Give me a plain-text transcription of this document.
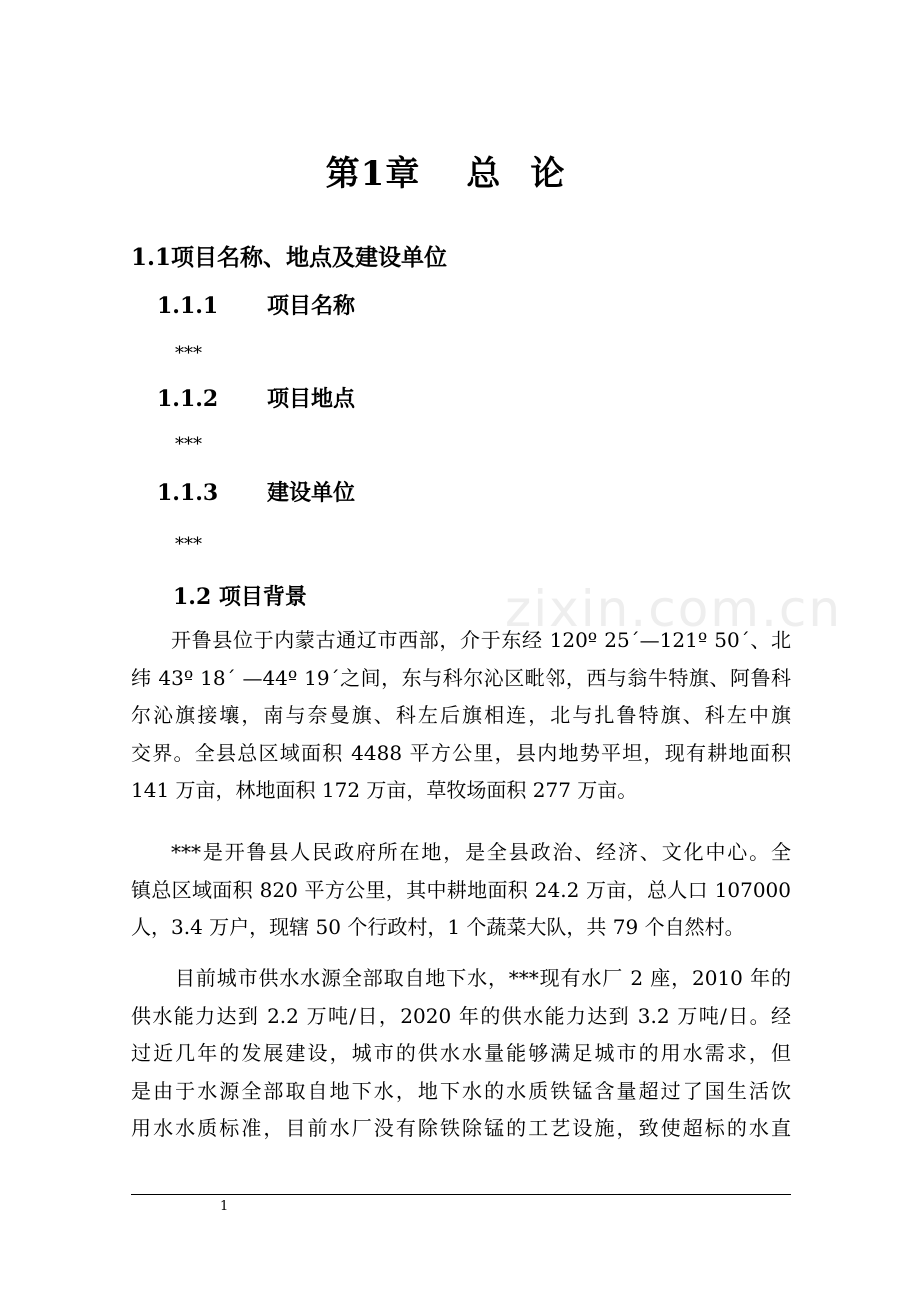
zixin.com.cn
第1章 总论
1.1项目名称、地点及建设单位
1.1.1 项目名称
***
1.1.2 项目地点
***
1.1.3 建设单位
***
1.2 项目背景
开鲁县位于内蒙古通辽市西部，介于东经 120º 25´—121º 50´、北
纬 43º 18´ —44º 19´之间，东与科尔沁区毗邻，西与翁牛特旗、阿鲁科
尔沁旗接壤，南与奈曼旗、科左后旗相连，北与扎鲁特旗、科左中旗
交界。全县总区域面积 4488 平方公里，县内地势平坦，现有耕地面积
141 万亩，林地面积 172 万亩，草牧场面积 277 万亩。
***是开鲁县人民政府所在地，是全县政治、经济、文化中心。全
镇总区域面积 820 平方公里，其中耕地面积 24.2 万亩，总人口 107000
人，3.4 万户，现辖 50 个行政村，1 个蔬菜大队，共 79 个自然村。
目前城市供水水源全部取自地下水，***现有水厂 2 座，2010 年的
供水能力达到 2.2 万吨/日，2020 年的供水能力达到 3.2 万吨/日。经
过近几年的发展建设，城市的供水水量能够满足城市的用水需求，但
是由于水源全部取自地下水，地下水的水质铁锰含量超过了国生活饮
用水水质标准，目前水厂没有除铁除锰的工艺设施，致使超标的水直
1
